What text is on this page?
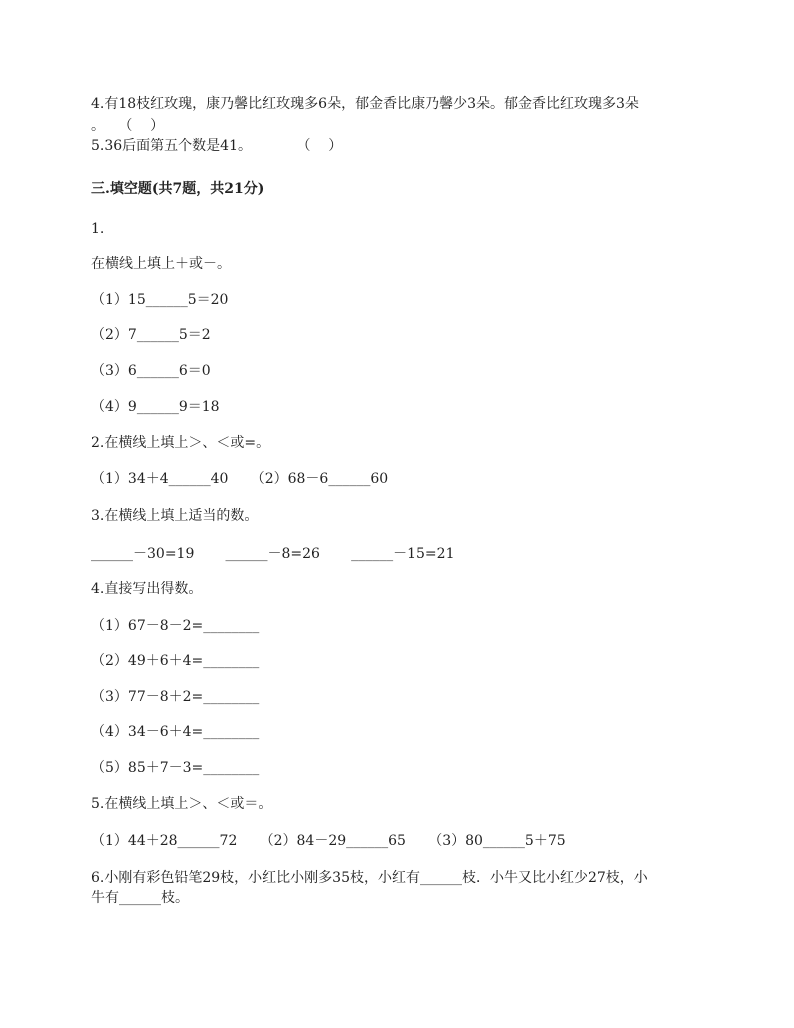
4.有18枝红玫瑰，康乃馨比红玫瑰多6朵，郁金香比康乃馨少3朵。郁金香比红玫瑰多3朵
。   （    ）
5.36后面第五个数是41。          （    ）
三.填空题(共7题，共21分)
1.
在横线上填上＋或－。
（1）15______5＝20
（2）7______5＝2
（3）6______6＝0
（4）9______9＝18
2.在横线上填上＞、＜或=。
（1）34＋4______40     （2）68－6______60
3.在横线上填上适当的数。
______－30=19       ______－8=26       ______－15=21
4.直接写出得数。
（1）67－8－2=________
（2）49＋6＋4=________
（3）77－8＋2=________
（4）34－6＋4=________
（5）85＋7－3=________
5.在横线上填上＞、＜或＝。
（1）44＋28______72     （2）84－29______65     （3）80______5＋75
6.小刚有彩色铅笔29枝，小红比小刚多35枝，小红有______枝．小牛又比小红少27枝，小
牛有______枝。
